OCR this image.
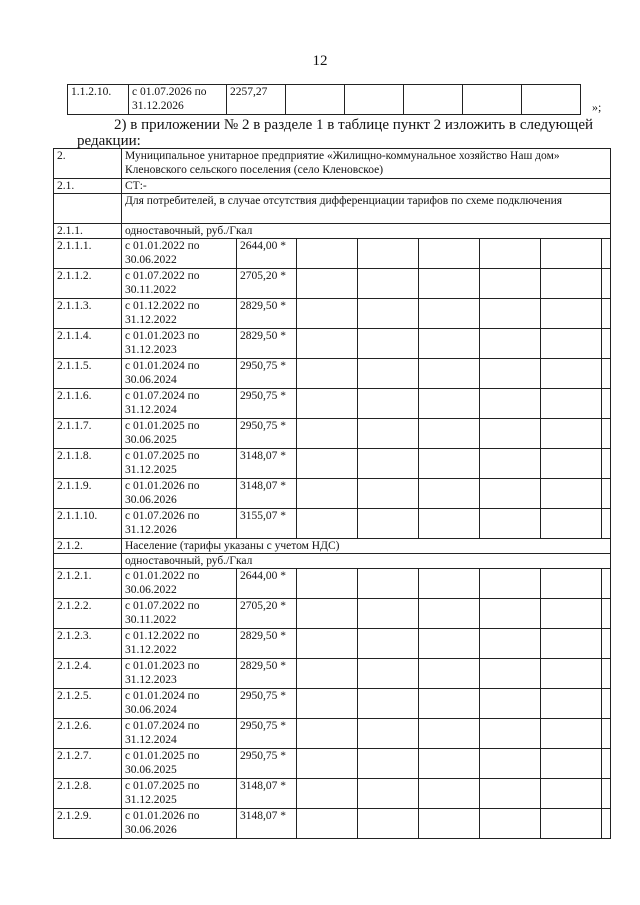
12
1.1.2.10.	с 01.07.2026 по 31.12.2026	2257,27					
»;
2) в приложении № 2 в разделе 1 в таблице пункт 2 изложить в следующей
редакции:
2.	Муниципальное унитарное предприятие «Жилищно-коммунальное хозяйство Наш дом» Кленовского сельского поселения (село Кленовское)							
2.1.	СТ:-							
	Для потребителей, в случае отсутствия дифференциации тарифов по схеме подключения							
2.1.1.	одноставочный, руб./Гкал							
2.1.1.1.	с 01.01.2022 по 30.06.2022	2644,00 *						
2.1.1.2.	с 01.07.2022 по 30.11.2022	2705,20 *						
2.1.1.3.	с 01.12.2022 по 31.12.2022	2829,50 *						
2.1.1.4.	с 01.01.2023 по 31.12.2023	2829,50 *						
2.1.1.5.	с 01.01.2024 по 30.06.2024	2950,75 *						
2.1.1.6.	с 01.07.2024 по 31.12.2024	2950,75 *						
2.1.1.7.	с 01.01.2025 по 30.06.2025	2950,75 *						
2.1.1.8.	с 01.07.2025 по 31.12.2025	3148,07 *						
2.1.1.9.	с 01.01.2026 по 30.06.2026	3148,07 *						
2.1.1.10.	с 01.07.2026 по 31.12.2026	3155,07 *						
2.1.2.	Население (тарифы указаны с учетом НДС)							
	одноставочный, руб./Гкал							
2.1.2.1.	с 01.01.2022 по 30.06.2022	2644,00 *						
2.1.2.2.	с 01.07.2022 по 30.11.2022	2705,20 *						
2.1.2.3.	с 01.12.2022 по 31.12.2022	2829,50 *						
2.1.2.4.	с 01.01.2023 по 31.12.2023	2829,50 *						
2.1.2.5.	с 01.01.2024 по 30.06.2024	2950,75 *						
2.1.2.6.	с 01.07.2024 по 31.12.2024	2950,75 *						
2.1.2.7.	с 01.01.2025 по 30.06.2025	2950,75 *						
2.1.2.8.	с 01.07.2025 по 31.12.2025	3148,07 *						
2.1.2.9.	с 01.01.2026 по 30.06.2026	3148,07 *						
